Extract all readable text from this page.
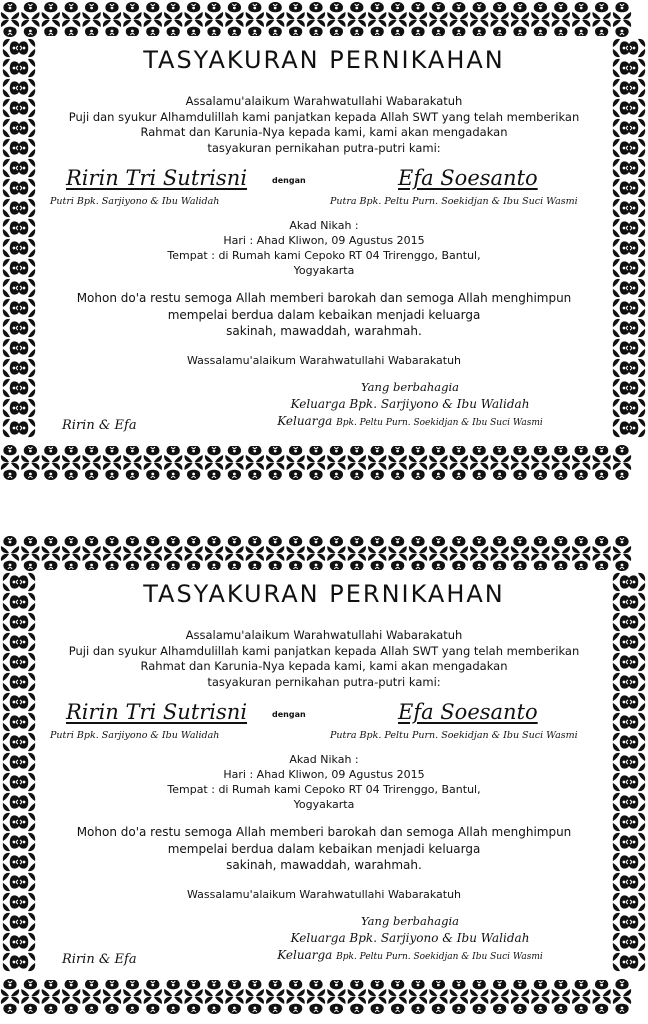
TASYAKURAN PERNIKAHAN
Assalamu'alaikum Warahwatullahi Wabarakatuh
Puji dan syukur Alhamdulillah kami panjatkan kepada Allah SWT yang telah memberikan
Rahmat dan Karunia-Nya kepada kami, kami akan mengadakan
tasyakuran pernikahan putra-putri kami:
Ririn Tri Sutrisni	dengan	Efa Soesanto
Putri Bpk. Sarjiyono & Ibu Walidah	Putra Bpk. Peltu Purn. Soekidjan & Ibu Suci Wasmi
Akad Nikah :
Hari : Ahad Kliwon, 09 Agustus 2015
Tempat : di Rumah kami Cepoko RT 04 Trirenggo, Bantul,
Yogyakarta
Mohon do'a restu semoga Allah memberi barokah dan semoga Allah menghimpun
mempelai berdua dalam kebaikan menjadi keluarga
sakinah, mawaddah, warahmah.
Wassalamu'alaikum Warahwatullahi Wabarakatuh
Yang berbahagia
Keluarga Bpk. Sarjiyono & Ibu Walidah
Keluarga Bpk. Peltu Purn. Soekidjan & Ibu Suci Wasmi
Ririn & Efa
TASYAKURAN PERNIKAHAN
Assalamu'alaikum Warahwatullahi Wabarakatuh
Puji dan syukur Alhamdulillah kami panjatkan kepada Allah SWT yang telah memberikan
Rahmat dan Karunia-Nya kepada kami, kami akan mengadakan
tasyakuran pernikahan putra-putri kami:
Ririn Tri Sutrisni	dengan	Efa Soesanto
Putri Bpk. Sarjiyono & Ibu Walidah	Putra Bpk. Peltu Purn. Soekidjan & Ibu Suci Wasmi
Akad Nikah :
Hari : Ahad Kliwon, 09 Agustus 2015
Tempat : di Rumah kami Cepoko RT 04 Trirenggo, Bantul,
Yogyakarta
Mohon do'a restu semoga Allah memberi barokah dan semoga Allah menghimpun
mempelai berdua dalam kebaikan menjadi keluarga
sakinah, mawaddah, warahmah.
Wassalamu'alaikum Warahwatullahi Wabarakatuh
Yang berbahagia
Keluarga Bpk. Sarjiyono & Ibu Walidah
Keluarga Bpk. Peltu Purn. Soekidjan & Ibu Suci Wasmi
Ririn & Efa
